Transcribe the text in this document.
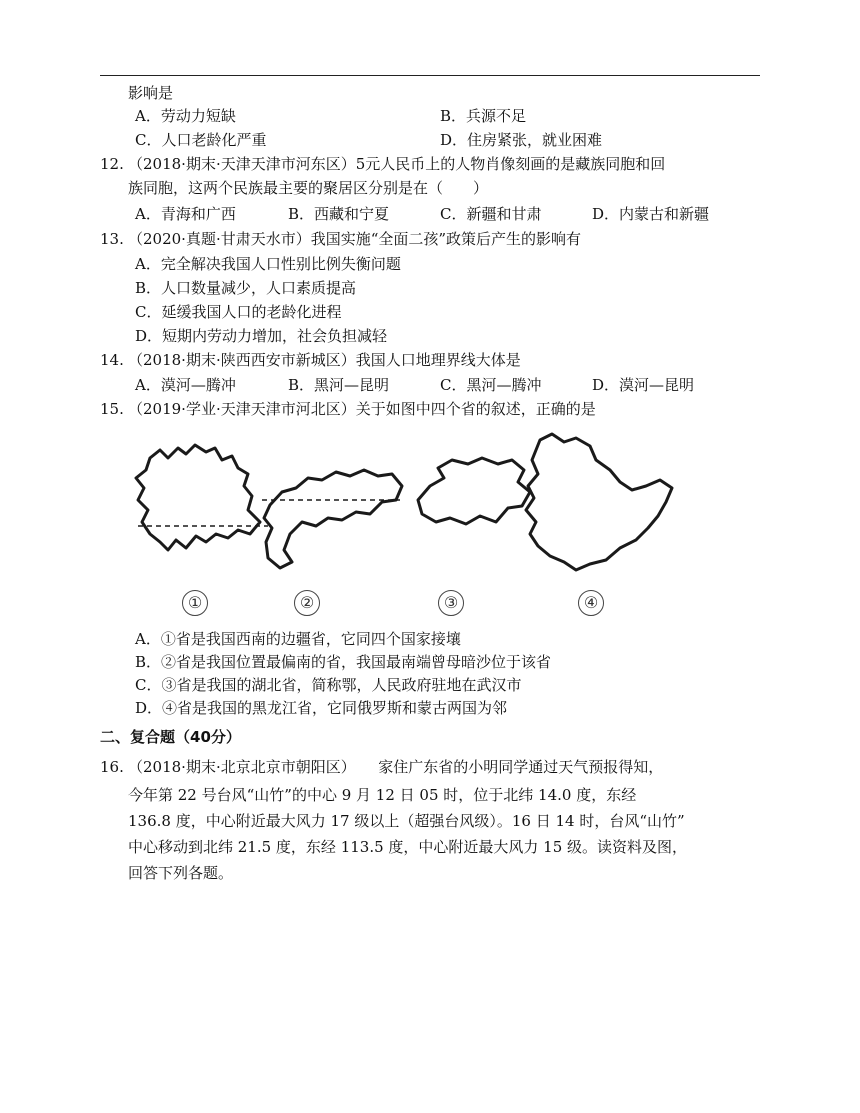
影响是
A．劳动力短缺	B．兵源不足
C．人口老龄化严重	D．住房紧张，就业困难
12. （2018·期末·天津天津市河东区）5元人民币上的人物肖像刻画的是藏族同胞和回
族同胞，这两个民族最主要的聚居区分别是在（　　）
A．青海和广西	B．西藏和宁夏	C．新疆和甘肃	D．内蒙古和新疆
13. （2020·真题·甘肃天水市）我国实施“全面二孩”政策后产生的影响有
A．完全解决我国人口性别比例失衡问题
B．人口数量减少，人口素质提高
C．延缓我国人口的老龄化进程
D．短期内劳动力增加，社会负担减轻
14. （2018·期末·陕西西安市新城区）我国人口地理界线大体是
A．漠河—腾冲	B．黑河—昆明	C．黑河—腾冲	D．漠河—昆明
15. （2019·学业·天津天津市河北区）关于如图中四个省的叙述，正确的是
①	②	③	④
A．①省是我国西南的边疆省，它同四个国家接壤
B．②省是我国位置最偏南的省，我国最南端曾母暗沙位于该省
C．③省是我国的湖北省，简称鄂，人民政府驻地在武汉市
D．④省是我国的黑龙江省，它同俄罗斯和蒙古两国为邻
二、复合题（40分）
16. （2018·期末·北京北京市朝阳区）　　家住广东省的小明同学通过天气预报得知，
今年第 22 号台风“山竹”的中心 9 月 12 日 05 时，位于北纬 14.0 度，东经
136.8 度，中心附近最大风力 17 级以上（超强台风级）。16 日 14 时，台风“山竹”
中心移动到北纬 21.5 度，东经 113.5 度，中心附近最大风力 15 级。读资料及图，
回答下列各题。
